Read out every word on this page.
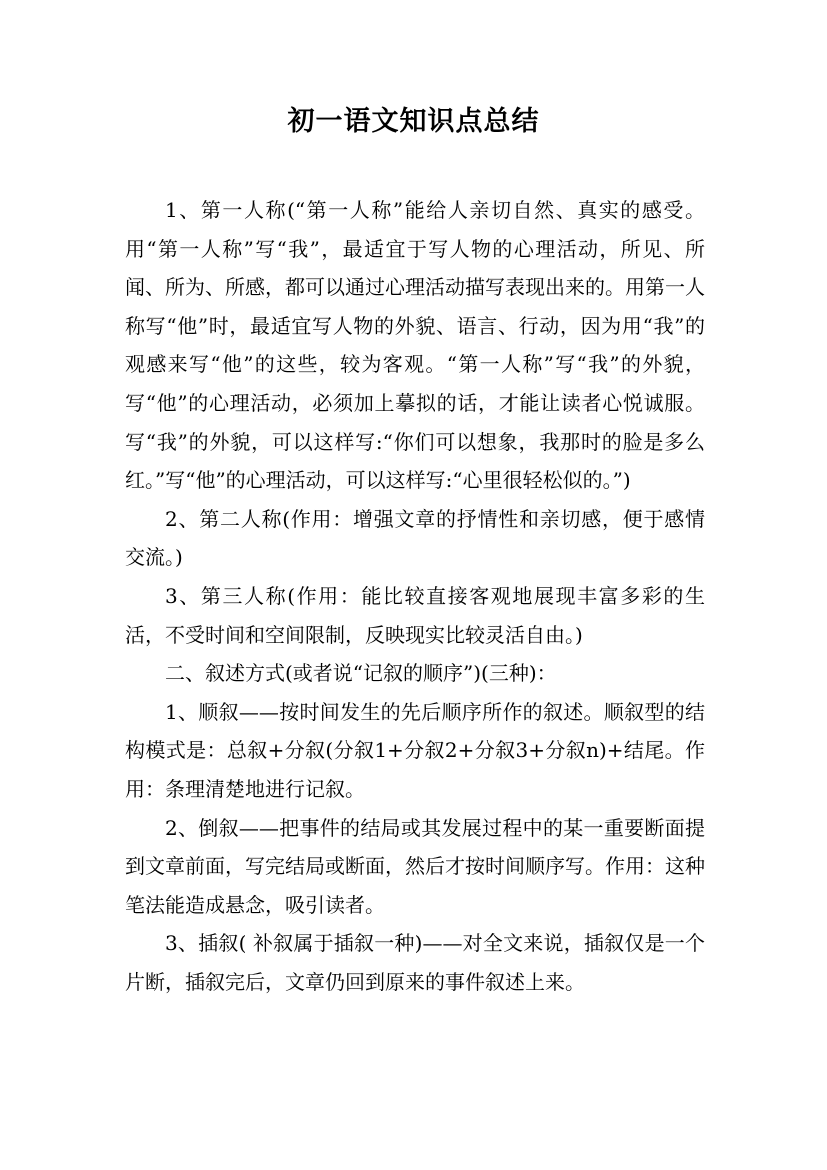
初一语文知识点总结

1、第一人称(“第一人称”能给人亲切自然、真实的感受。用“第一人称”写“我”，最适宜于写人物的心理活动，所见、所闻、所为、所感，都可以通过心理活动描写表现出来的。用第一人称写“他”时，最适宜写人物的外貌、语言、行动，因为用“我”的观感来写“他”的这些，较为客观。“第一人称”写“我”的外貌，写“他”的心理活动，必须加上摹拟的话，才能让读者心悦诚服。写“我”的外貌，可以这样写:“你们可以想象，我那时的脸是多么红。”写“他”的心理活动，可以这样写:“心里很轻松似的。”)

2、第二人称(作用：增强文章的抒情性和亲切感，便于感情交流。)

3、第三人称(作用：能比较直接客观地展现丰富多彩的生活，不受时间和空间限制，反映现实比较灵活自由。)

二、叙述方式(或者说“记叙的顺序”)(三种)：

1、顺叙——按时间发生的先后顺序所作的叙述。顺叙型的结构模式是：总叙+分叙(分叙1+分叙2+分叙3+分叙n)+结尾。作用：条理清楚地进行记叙。

2、倒叙——把事件的结局或其发展过程中的某一重要断面提到文章前面，写完结局或断面，然后才按时间顺序写。作用：这种笔法能造成悬念，吸引读者。

3、插叙( 补叙属于插叙一种)——对全文来说，插叙仅是一个片断，插叙完后，文章仍回到原来的事件叙述上来。
